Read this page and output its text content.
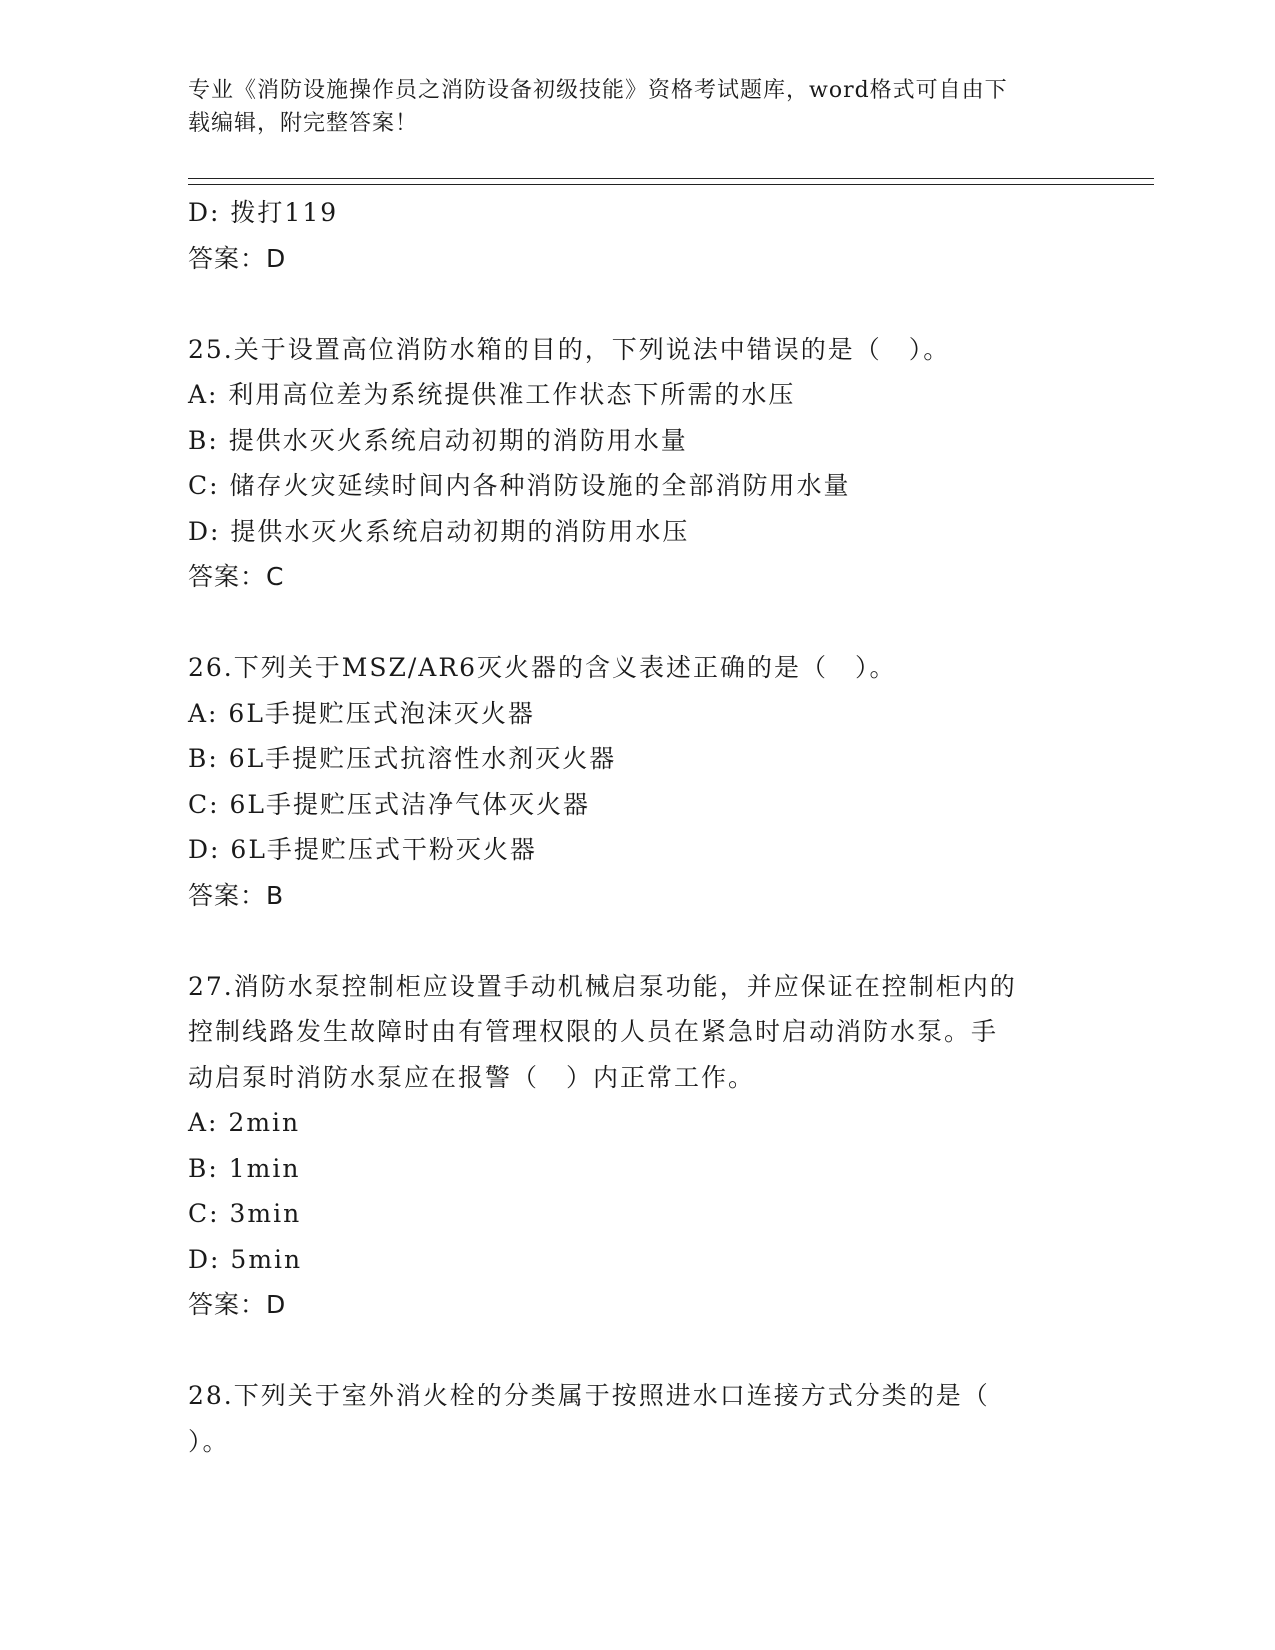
专业《消防设施操作员之消防设备初级技能》资格考试题库，word格式可自由下
载编辑，附完整答案！
D: 拨打119
答案：D
25.关于设置高位消防水箱的目的，下列说法中错误的是（　）。
A: 利用高位差为系统提供准工作状态下所需的水压
B: 提供水灭火系统启动初期的消防用水量
C: 储存火灾延续时间内各种消防设施的全部消防用水量
D: 提供水灭火系统启动初期的消防用水压
答案：C
26.下列关于MSZ/AR6灭火器的含义表述正确的是（　）。
A: 6L手提贮压式泡沫灭火器
B: 6L手提贮压式抗溶性水剂灭火器
C: 6L手提贮压式洁净气体灭火器
D: 6L手提贮压式干粉灭火器
答案：B
27.消防水泵控制柜应设置手动机械启泵功能，并应保证在控制柜内的
控制线路发生故障时由有管理权限的人员在紧急时启动消防水泵。手
动启泵时消防水泵应在报警（　）内正常工作。
A: 2min
B: 1min
C: 3min
D: 5min
答案：D
28.下列关于室外消火栓的分类属于按照进水口连接方式分类的是（
）。
